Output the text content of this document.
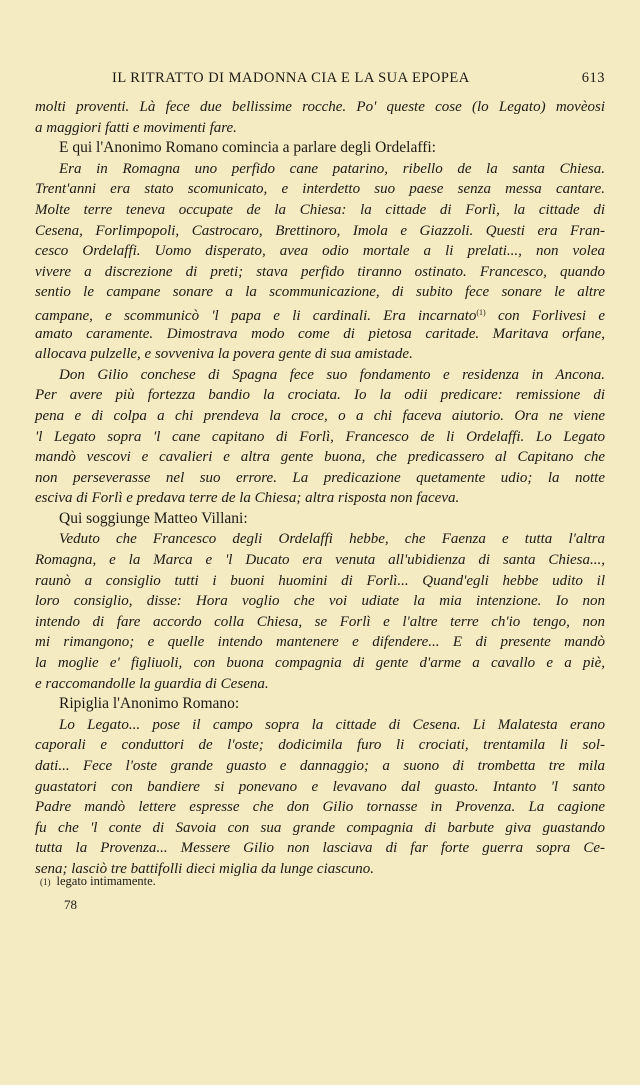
IL RITRATTO DI MADONNA CIA E LA SUA EPOPEA	613
molti proventi. Là fece due bellissime rocche. Po' queste cose (lo Legato) movèosi
a maggiori fatti e movimenti fare.
E qui l'Anonimo Romano comincia a parlare degli Ordelaffi:
Era in Romagna uno perfido cane patarino, ribello de la santa Chiesa.
Trent'anni era stato scomunicato, e interdetto suo paese senza messa cantare.
Molte terre teneva occupate de la Chiesa: la cittade di Forlì, la cittade di
Cesena, Forlimpopoli, Castrocaro, Brettinoro, Imola e Giazzoli. Questi era Fran-
cesco Ordelaffi. Uomo disperato, avea odio mortale a li prelati..., non volea
vivere a discrezione di preti; stava perfido tiranno ostinato. Francesco, quando
sentio le campane sonare a la scommunicazione, di subito fece sonare le altre
campane, e scommunicò 'l papa e li cardinali. Era incarnato$^{(1)}$ con Forlivesi e
amato caramente. Dimostrava modo come di pietosa caritade. Maritava orfane,
allocava pulzelle, e sovveniva la povera gente di sua amistade.
Don Gilio conchese di Spagna fece suo fondamento e residenza in Ancona.
Per avere più fortezza bandio la crociata. Io la odii predicare: remissione di
pena e di colpa a chi prendeva la croce, o a chi faceva aiutorio. Ora ne viene
'l Legato sopra 'l cane capitano di Forlì, Francesco de li Ordelaffi. Lo Legato
mandò vescovi e cavalieri e altra gente buona, che predicassero al Capitano che
non perseverasse nel suo errore. La predicazione quetamente udio; la notte
esciva di Forlì e predava terre de la Chiesa; altra risposta non faceva.
Qui soggiunge Matteo Villani:
Veduto che Francesco degli Ordelaffi hebbe, che Faenza e tutta l'altra
Romagna, e la Marca e 'l Ducato era venuta all'ubidienza di santa Chiesa...,
raunò a consiglio tutti i buoni huomini di Forlì... Quand'egli hebbe udito il
loro consiglio, disse: Hora voglio che voi udiate la mia intenzione. Io non
intendo di fare accordo colla Chiesa, se Forlì e l'altre terre ch'io tengo, non
mi rimangono; e quelle intendo mantenere e difendere... E di presente mandò
la moglie e' figliuoli, con buona compagnia di gente d'arme a cavallo e a piè,
e raccomandolle la guardia di Cesena.
Ripiglia l'Anonimo Romano:
Lo Legato... pose il campo sopra la cittade di Cesena. Li Malatesta erano
caporali e conduttori de l'oste; dodicimila furo li crociati, trentamila li sol-
dati... Fece l'oste grande guasto e dannaggio; a suono di trombetta tre mila
guastatori con bandiere si ponevano e levavano dal guasto. Intanto 'l santo
Padre mandò lettere espresse che don Gilio tornasse in Provenza. La cagione
fu che 'l conte di Savoia con sua grande compagnia di barbute giva guastando
tutta la Provenza... Messere Gilio non lasciava di far forte guerra sopra Ce-
sena; lasciò tre battifolli dieci miglia da lunge ciascuno.
(1) legato intimamente.
78
